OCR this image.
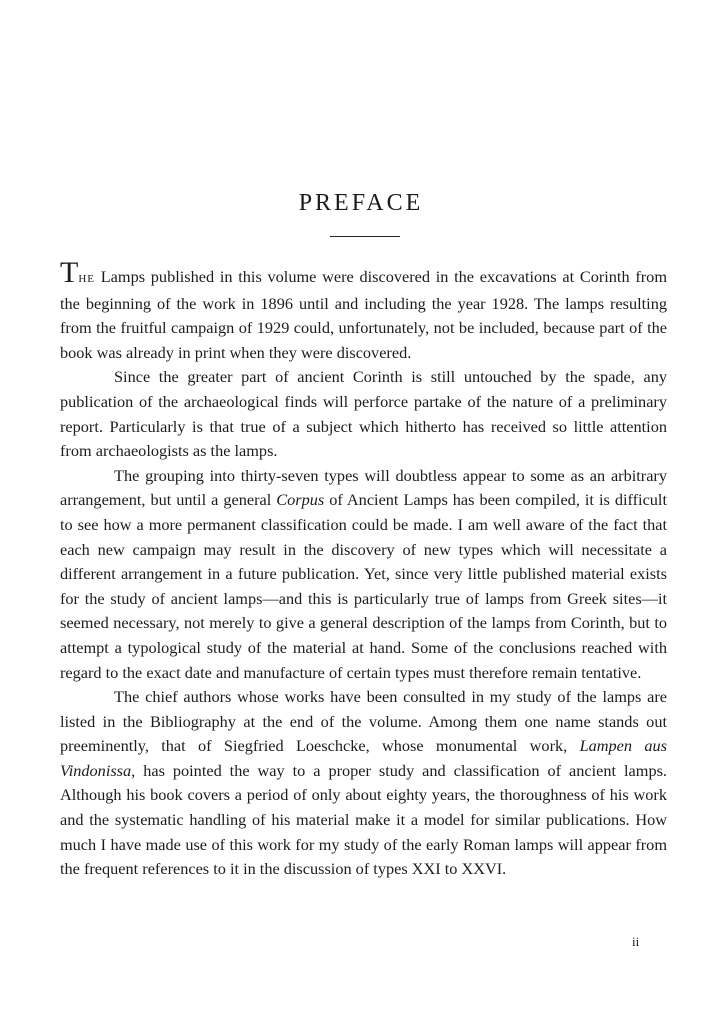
PREFACE

THE Lamps published in this volume were discovered in the excavations at Corinth from the beginning of the work in 1896 until and including the year 1928. The lamps resulting from the fruitful campaign of 1929 could, unfortunately, not be included, because part of the book was already in print when they were discovered.

Since the greater part of ancient Corinth is still untouched by the spade, any publication of the archaeological finds will perforce partake of the nature of a preliminary report. Particularly is that true of a subject which hitherto has received so little attention from archaeologists as the lamps.

The grouping into thirty-seven types will doubtless appear to some as an arbitrary arrangement, but until a general Corpus of Ancient Lamps has been compiled, it is difficult to see how a more permanent classification could be made. I am well aware of the fact that each new campaign may result in the discovery of new types which will necessitate a different arrangement in a future publication. Yet, since very little published material exists for the study of ancient lamps—and this is particularly true of lamps from Greek sites—it seemed necessary, not merely to give a general description of the lamps from Corinth, but to attempt a typological study of the material at hand. Some of the conclusions reached with regard to the exact date and manufacture of certain types must therefore remain tentative.

The chief authors whose works have been consulted in my study of the lamps are listed in the Bibliography at the end of the volume. Among them one name stands out preeminently, that of Siegfried Loeschcke, whose monumental work, Lampen aus Vindonissa, has pointed the way to a proper study and classification of ancient lamps. Although his book covers a period of only about eighty years, the thoroughness of his work and the systematic handling of his material make it a model for similar publications. How much I have made use of this work for my study of the early Roman lamps will appear from the frequent references to it in the discussion of types XXI to XXVI.

ii
